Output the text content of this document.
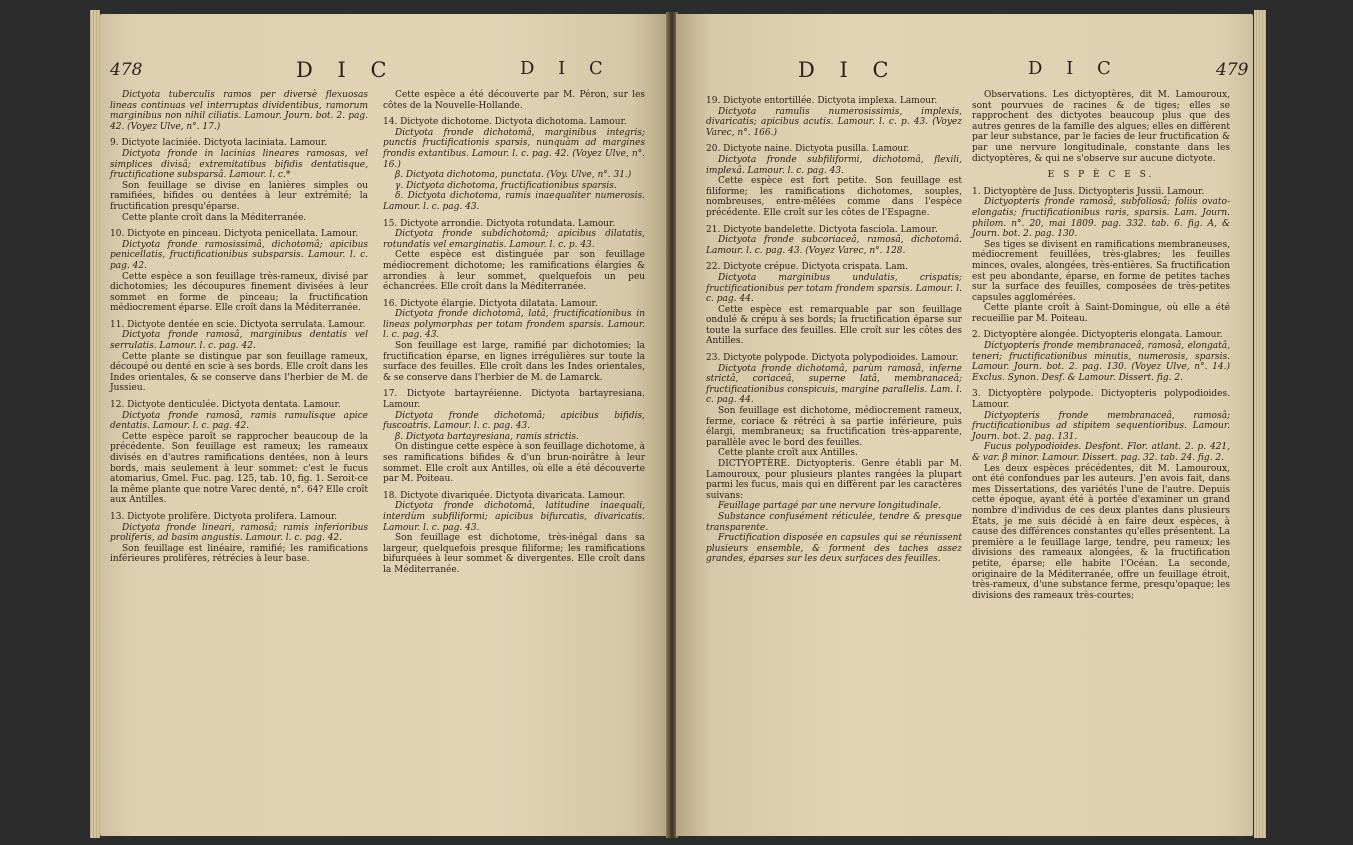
478	D I C	D I C

Dictyota tuberculis ramos per diversè flexuosas lineas continuas vel interruptas dividentibus, ramorum marginibus non nihil ciliatis. Lamour. Journ. bot. 2. pag. 42. (Voyez Ulve, n°. 17.)

9. Dictyote laciniée. Dictyota laciniata. Lamour.

Dictyota fronde in lacinias lineares ramosas, vel simplices divisâ; extremitatibus bifidis dentatisque, fructificatione subsparsâ. Lamour. l. c.*

Son feuillage se divise en lanières simples ou ramifiées, bifides ou dentées à leur extrémité; la fructification presqu'éparse.

Cette plante croît dans la Méditerranée.

10. Dictyote en pinceau. Dictyota penicellata. Lamour.

Dictyota fronde ramosissimâ, dichotomâ; apicibus penicellatis, fructificationibus subsparsis. Lamour. l. c. pag. 42.

Cette espèce a son feuillage très-rameux, divisé par dichotomies; les découpures finement divisées à leur sommet en forme de pinceau; la fructification médiocrement éparse. Elle croît dans la Méditerranée.

11. Dictyote dentée en scie. Dictyota serrulata. Lamour.

Dictyota fronde ramosâ, marginibus dentatis vel serrulatis. Lamour. l. c. pag. 42.

Cette plante se distingue par son feuillage rameux, découpé ou denté en scie à ses bords. Elle croît dans les Indes orientales, & se conserve dans l'herbier de M. de Jussieu.

12. Dictyote denticulée. Dictyota dentata. Lamour.

Dictyota fronde ramosâ, ramis ramulisque apice dentatis. Lamour. l. c. pag. 42.

Cette espèce paroît se rapprocher beaucoup de la précédente. Son feuillage est rameux; les rameaux divisés en d'autres ramifications dentées, non à leurs bords, mais seulement à leur sommet: c'est le fucus atomarius, Gmel. Fuc. pag. 125, tab. 10, fig. 1. Seroit-ce la même plante que notre Varec denté, n°. 64? Elle croît aux Antilles.

13. Dictyote prolifère. Dictyota prolifera. Lamour.

Dictyota fronde lineari, ramosâ; ramis inferioribus proliferis, ad basim angustis. Lamour. l. c. pag. 42.

Son feuillage est linéaire, ramifié; les ramifications inférieures prolifères, rétrécies à leur base.

Cette espèce a été découverte par M. Péron, sur les côtes de la Nouvelle-Hollande.

14. Dictyote dichotome. Dictyota dichotoma. Lamour.

Dictyota fronde dichotomâ, marginibus integris; punctis fructificationis sparsis, nunquàm ad margines frondis extantibus. Lamour. l. c. pag. 42. (Voyez Ulve, n°. 16.)

β. Dictyota dichotoma, punctata. (Voy. Ulve, n°. 31.)

γ. Dictyota dichotoma, fructificationibus sparsis.

δ. Dictyota dichotoma, ramis inaequaliter numerosis. Lamour. l. c. pag. 43.

15. Dictyote arrondie. Dictyota rotundata. Lamour.

Dictyota fronde subdichotomâ; apicibus dilatatis, rotundatis vel emarginatis. Lamour. l. c. p. 43.

Cette espèce est distinguée par son feuillage médiocrement dichotome; les ramifications élargies & arrondies à leur sommet, quelquefois un peu échancrées. Elle croît dans la Méditerranée.

16. Dictyote élargie. Dictyota dilatata. Lamour.

Dictyota fronde dichotomâ, latâ, fructificationibus in lineas polymorphas per totam frondem sparsis. Lamour. l. c. pag. 43.

Son feuillage est large, ramifié par dichotomies; la fructification éparse, en lignes irrégulières sur toute la surface des feuilles. Elle croît dans les Indes orientales, & se conserve dans l'herbier de M. de Lamarck.

17. Dictyote bartayréienne. Dictyota bartayresiana. Lamour.

Dictyota fronde dichotomâ; apicibus bifidis, fuscoatris. Lamour. l. c. pag. 43.

β. Dictyota bartayresiana, ramis strictis.

On distingue cette espèce à son feuillage dichotome, à ses ramifications bifides & d'un brun-noirâtre à leur sommet. Elle croît aux Antilles, où elle a été découverte par M. Poiteau.

18. Dictyote divariquée. Dictyota divaricata. Lamour.

Dictyota fronde dichotomâ, latitudine inaequali, interdùm subfiliformi; apicibus bifurcatis, divaricatis. Lamour. l. c. pag. 43.

Son feuillage est dichotome, très-inégal dans sa largeur, quelquefois presque filiforme; les ramifications bifurquées à leur sommet & divergentes. Elle croît dans la Méditerranée.

D I C	D I C	479

19. Dictyote entortillée. Dictyota implexa. Lamour.

Dictyota ramulis numerosissimis, implexis, divaricatis; apicibus acutis. Lamour. l. c. p. 43. (Voyez Varec, n°. 166.)

20. Dictyote naine. Dictyota pusilla. Lamour.

Dictyota fronde subfiliformi, dichotomâ, flexili, implexâ. Lamour. l. c. pag. 43.

Cette espèce est fort petite. Son feuillage est filiforme; les ramifications dichotomes, souples, nombreuses, entre-mêlées comme dans l'espèce précédente. Elle croît sur les côtes de l'Espagne.

21. Dictyote bandelette. Dictyota fasciola. Lamour.

Dictyota fronde subcoriaceâ, ramosâ, dichotomâ. Lamour. l. c. pag. 43. (Voyez Varec, n°. 128.

22. Dictyote crépue. Dictyota crispata. Lam.

Dictyota marginibus undulatis, crispatis; fructificationibus per totam frondem sparsis. Lamour. l. c. pag. 44.

Cette espèce est remarquable par son feuillage ondulé & crépu à ses bords; la fructification éparse sur toute la surface des feuilles. Elle croît sur les côtes des Antilles.

23. Dictyote polypode. Dictyota polypodioides. Lamour.

Dictyota fronde dichotomâ, parùm ramosâ, inferne strictâ, coriaceâ, superne latâ, membranaceâ; fructificationibus conspicuis, margine parallelis. Lam. l. c. pag. 44.

Son feuillage est dichotome, médiocrement rameux, ferme, coriace & rétréci à sa partie inférieure, puis élargi, membraneux; sa fructification très-apparente, parallèle avec le bord des feuilles.

Cette plante croît aux Antilles.

DICTYOPTÈRE. Dictyopteris. Genre établi par M. Lamouroux, pour plusieurs plantes rangées la plupart parmi les fucus, mais qui en diffèrent par les caractères suivans:

Feuillage partagé par une nervure longitudinale.

Substance confusément réticulée, tendre & presque transparente.

Fructification disposée en capsules qui se réunissent plusieurs ensemble, & forment des taches assez grandes, éparses sur les deux surfaces des feuilles.

Observations. Les dictyoptères, dit M. Lamouroux, sont pourvues de racines & de tiges; elles se rapprochent des dictyotes beaucoup plus que des autres genres de la famille des algues; elles en diffèrent par leur substance, par le facies de leur fructification & par une nervure longitudinale, constante dans les dictyoptères, & qui ne s'observe sur aucune dictyote.

E S P È C E S.

1. Dictyoptère de Juss. Dictyopteris Jussii. Lamour.

Dictyopteris fronde ramosâ, subfoliosâ; foliis ovato-elongatis; fructificationibus raris, sparsis. Lam. Journ. philom. n°. 20, mai 1809. pag. 332. tab. 6. fig. A, & Journ. bot. 2. pag. 130.

Ses tiges se divisent en ramifications membraneuses, médiocrement feuillées, très-glabres; les feuilles minces, ovales, alongées, très-entières. Sa fructification est peu abondante, éparse, en forme de petites taches sur la surface des feuilles, composées de très-petites capsules agglomérées.

Cette plante croît à Saint-Domingue, où elle a été recueillie par M. Poiteau.

2. Dictyoptère alongée. Dictyopteris elongata. Lamour.

Dictyopteris fronde membranaceâ, ramosâ, elongatâ, teneri; fructificationibus minutis, numerosis, sparsis. Lamour. Journ. bot. 2. pag. 130. (Voyez Ulve, n°. 14.) Exclus. Synon. Desf. & Lamour. Dissert. fig. 2.

3. Dictyoptère polypode. Dictyopteris polypodioides. Lamour.

Dictyopteris fronde membranaceâ, ramosâ; fructificationibus ad stipitem sequentioribus. Lamour. Journ. bot. 2. pag. 131.

Fucus polypodioides. Desfont. Flor. atlant. 2. p. 421, & var. β minor. Lamour. Dissert. pag. 32. tab. 24. fig. 2.

Les deux espèces précédentes, dit M. Lamouroux, ont été confondues par les auteurs. J'en avois fait, dans mes Dissertations, des variétés l'une de l'autre. Depuis cette époque, ayant été à portée d'examiner un grand nombre d'individus de ces deux plantes dans plusieurs États, je me suis décidé à en faire deux espèces, à cause des différences constantes qu'elles présentent. La première a le feuillage large, tendre, peu rameux; les divisions des rameaux alongées, & la fructification petite, éparse; elle habite l'Océan. La seconde, originaire de la Méditerranée, offre un feuillage étroit, très-rameux, d'une substance ferme, presqu'opaque; les divisions des rameaux très-courtes;
